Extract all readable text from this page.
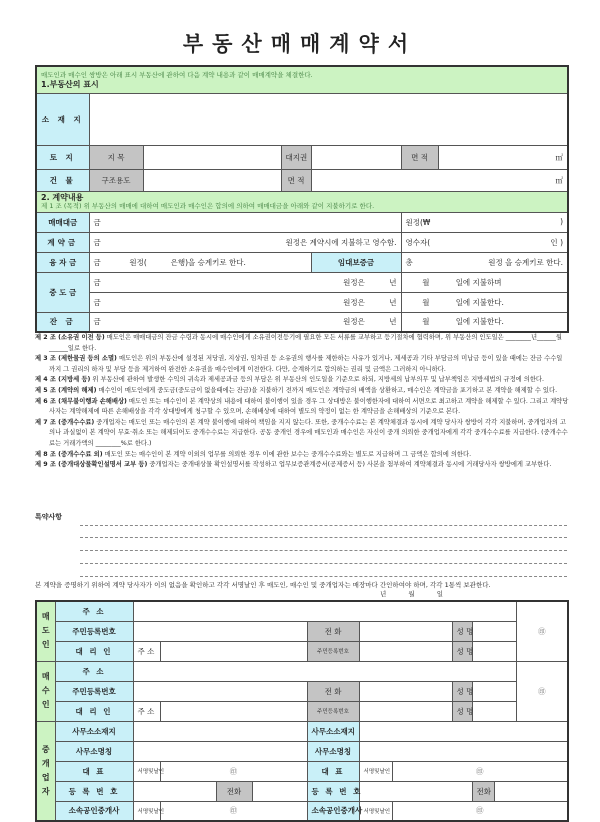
부동산매매계약서
매도인과 매수인 쌍방은 아래 표시 부동산에 관하여 다음 계약 내용과 같이 매매계약을 체결한다.
1.부동산의 표시						

소 재 지						
토 지	지 목		대지권		면 적	㎡
건 물	구조용도		면 적	㎡		

2. 계약내용
제 1 조 (목적) 위 부동산의 매매에 대하여 매도인과 매수인은 합의에 의하여 매매대금을 아래와 같이 지불하기로 한다.						

매매대금	금				원정(₩ )	

계약금	금 원정은 계약시에 지불하고 영수함.				영수자( 인 )	

융 자 금	금 원정( 은행)을 승계키로 한다.			임대보증금	총 원정 을 승계키로 한다.	

중 도 금	금 원정은 년				월 일에 지불하며	
	금 원정은 년				월 일에 지불한다.	
잔 금	금 원정은 년				월 일에 지불한다.	

제 2 조 (소유권 이전 등) 매도인은 매매대금의 잔금 수령과 동시에 매수인에게 소유권이전등기에 필요한 모든 서류를 교부하고 등기절차에 협력하며, 위 부동산의 인도일은 ________년______월______일로 한다.

제 3 조 (제한물권 등의 소멸) 매도인은 위의 부동산에 설정된 저당권, 지상권, 임차권 등 소유권의 행사를 제한하는 사유가 있거나, 제세공과 기타 부담금의 미납금 등이 있을 때에는 잔금 수수일 까지 그 권리의 하자 및 부담 등을 제거하여 완전한 소유권을 매수인에게 이전한다. 다만, 승계하기로 합의하는 권리 및 금액은 그러하지 아니하다.

제 4 조 (지방세 등) 위 부동산에 관하여 발생한 수익의 귀속과 제세공과금 등의 부담은 위 부동산의 인도일을 기준으로 하되, 지방세의 납부의무 및 납부책임은 지방세법의 규정에 의한다.

제 5 조 (계약의 해제) 매수인이 매도인에게 중도금(중도금이 없을때에는 잔금)을 지불하기 전까지 매도인은 계약금의 배액을 상환하고, 매수인은 계약금을 포기하고 본 계약을 해제할 수 있다.

제 6 조 (채무불이행과 손해배상) 매도인 또는 매수인이 본 계약상의 내용에 대하여 불이행이 있을 경우 그 상대방은 불이행한자에 대하여 서면으로 최고하고 계약을 해제할 수 있다. 그리고 계약당사자는 계약해제에 따른 손해배상을 각각 상대방에게 청구할 수 있으며, 손해배상에 대하여 별도의 약정이 없는 한 계약금을 손해배상의 기준으로 본다.

제 7 조 (중개수수료) 중개업자는 매도인 또는 매수인의 본 계약 불이행에 대하여 책임을 지지 않는다. 또한, 중개수수료는 본 계약체결과 동시에 계약 당사자 쌍방이 각각 지불하며, 중개업자의 고의나 과실없이 본 계약이 무효·취소 또는 해제되어도 중개수수료는 지급한다. 공동 중개인 경우에 매도인과 매수인은 자신이 중개 의뢰한 중개업자에게 각각 중개수수료를 지급한다. (중개수수료는 거래가액의 ________%로 한다.)

제 8 조 (중개수수료 외) 매도인 또는 매수인이 본 계약 이외의 업무를 의뢰한 경우 이에 관한 보수는 중개수수료와는 별도로 지급하며 그 금액은 합의에 의한다.

제 9 조 (중개대상물확인설명서 교부 등) 중개업자는 중개대상물 확인설명서를 작성하고 업무보증관계증서(공제증서 등) 사본을 첨부하여 계약체결과 동시에 거래당사자 쌍방에게 교부한다.

특약사항
본 계약을 증명하기 위하여 계약 당사자가 이의 없음을 확인하고 각각 서명날인 후 매도인, 매수인 및 중개업자는 매장마다 간인하여야 하며, 각각 1통씩 보관한다.
년	월	일
매도인	주 소											㊞
	주민등록번호					전 화			성 명			
	대 리 인	주 소				주민등록번호			성 명			
매수인	주 소											㊞
	주민등록번호					전 화			성 명			
	대 리 인	주 소				주민등록번호			성 명			
중개업자	사무소소재지					사무소소재지						
	사무소명칭					사무소명칭						
	대 표	서명및날인	㊞			대 표	서명및날인	㊞				
	등 록 번 호			전화		등 록 번 호				전화		
	소속공인중개사	서명및날인	㊞			소속공인중개사	서명및날인	㊞				
